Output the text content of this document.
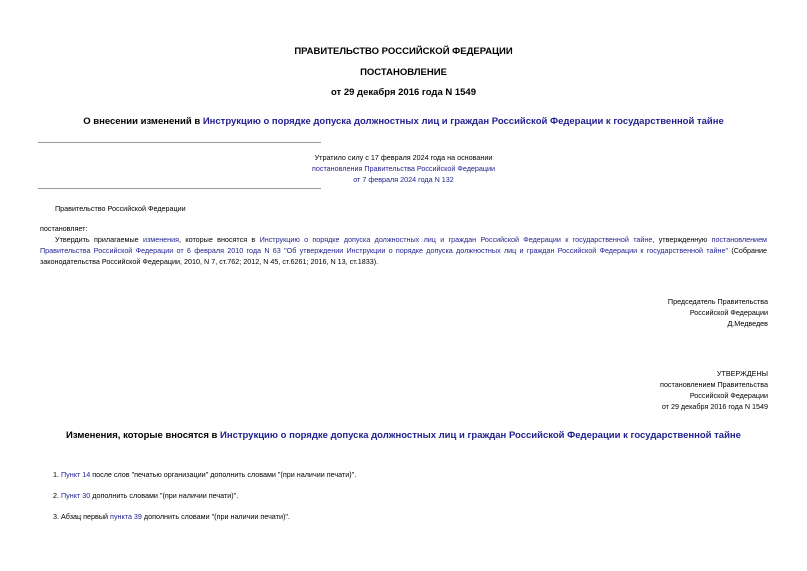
ПРАВИТЕЛЬСТВО РОССИЙСКОЙ ФЕДЕРАЦИИ
ПОСТАНОВЛЕНИЕ
от 29 декабря 2016 года N 1549
О внесении изменений в Инструкцию о порядке допуска должностных лиц и граждан Российской Федерации к государственной тайне
Утратило силу с 17 февраля 2024 года на основании
постановления Правительства Российской Федерации
от 7 февраля 2024 года N 132
Правительство Российской Федерации
постановляет:
Утвердить прилагаемые изменения, которые вносятся в Инструкцию о порядке допуска должностных лиц и граждан Российской Федерации к государственной тайне, утвержденную постановлением Правительства Российской Федерации от 6 февраля 2010 года N 63 "Об утверждении Инструкции о порядке допуска должностных лиц и граждан Российской Федерации к государственной тайне" (Собрание законодательства Российской Федерации, 2010, N 7, ст.762; 2012, N 45, ст.6261; 2016, N 13, ст.1833).
Председатель Правительства
Российской Федерации
Д.Медведев
УТВЕРЖДЕНЫ
постановлением Правительства
Российской Федерации
от 29 декабря 2016 года N 1549
Изменения, которые вносятся в Инструкцию о порядке допуска должностных лиц и граждан Российской Федерации к государственной тайне
1. Пункт 14 после слов "печатью организации" дополнить словами "(при наличии печати)".
2. Пункт 30 дополнить словами "(при наличии печати)".
3. Абзац первый пункта 39 дополнить словами "(при наличии печати)".
